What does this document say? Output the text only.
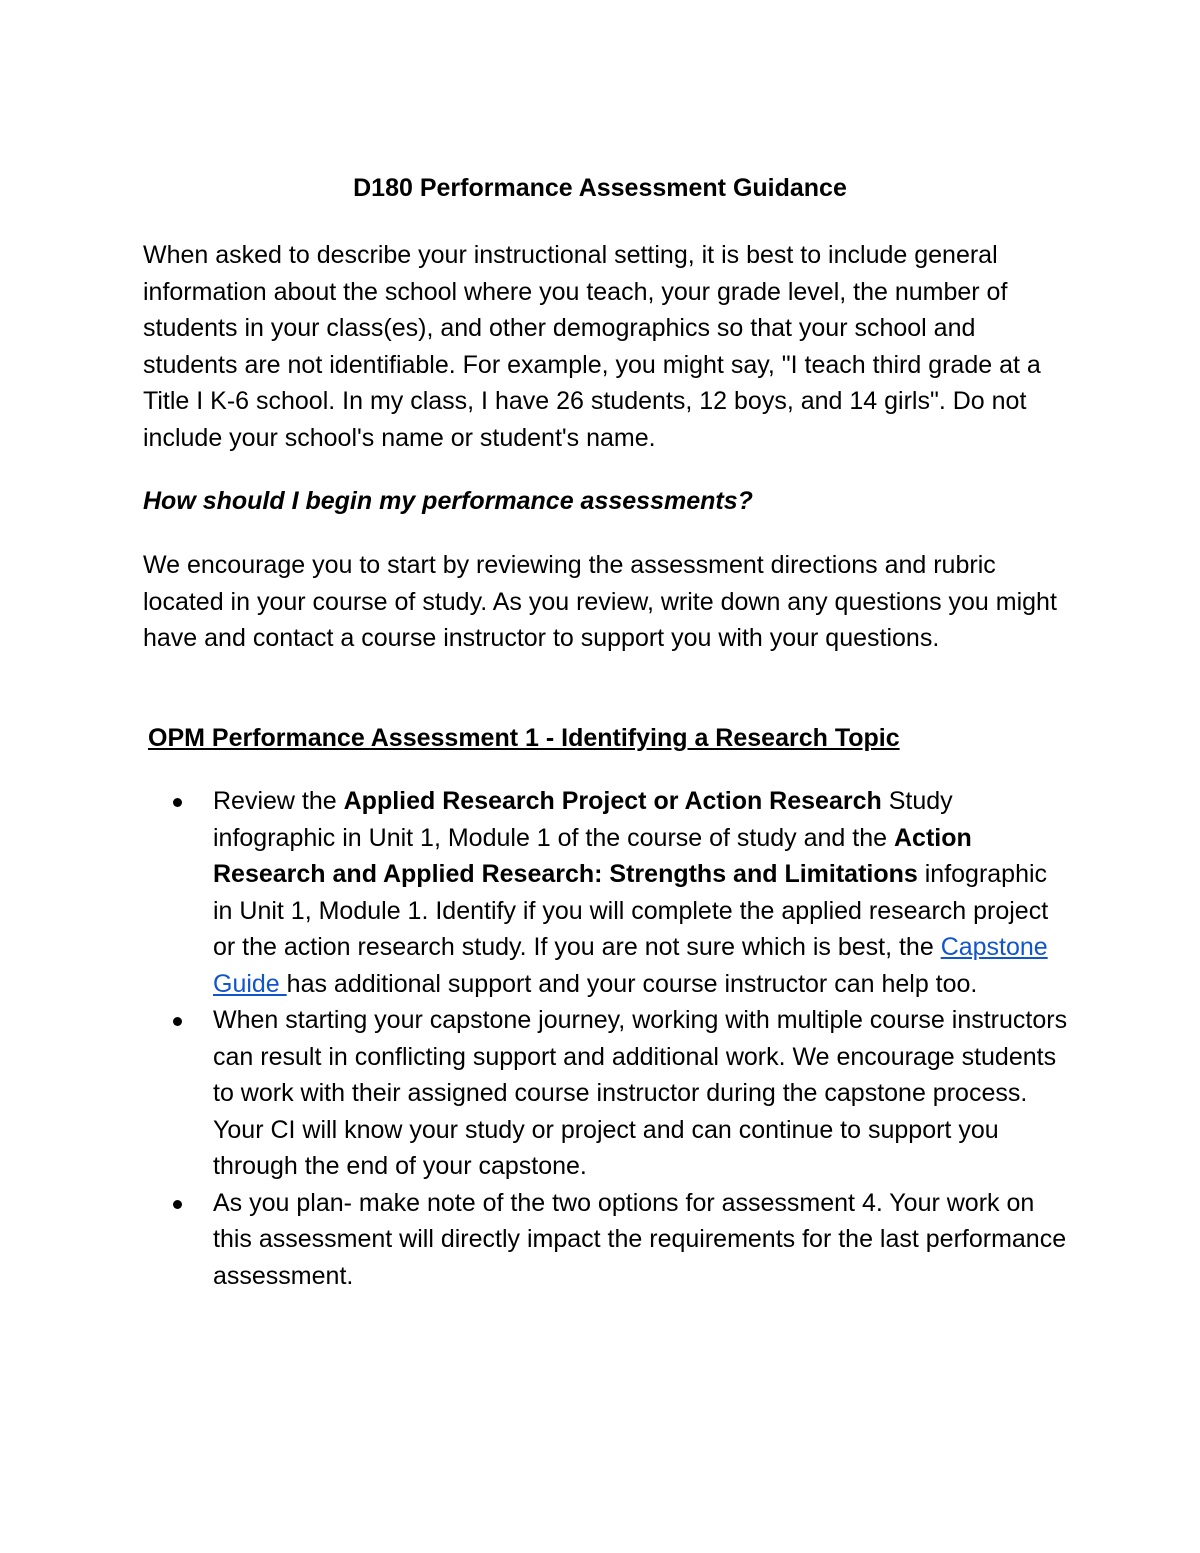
D180 Performance Assessment Guidance

When asked to describe your instructional setting, it is best to include general information about the school where you teach, your grade level, the number of students in your class(es), and other demographics so that your school and students are not identifiable. For example, you might say, "I teach third grade at a Title I K-6 school. In my class, I have 26 students, 12 boys, and 14 girls". Do not include your school's name or student's name.

How should I begin my performance assessments?

We encourage you to start by reviewing the assessment directions and rubric located in your course of study. As you review, write down any questions you might have and contact a course instructor to support you with your questions.

OPM Performance Assessment 1 - Identifying a Research Topic
Review the Applied Research Project or Action Research Study infographic in Unit 1, Module 1 of the course of study and the Action Research and Applied Research: Strengths and Limitations infographic in Unit 1, Module 1. Identify if you will complete the applied research project or the action research study. If you are not sure which is best, the Capstone Guide has additional support and your course instructor can help too.
When starting your capstone journey, working with multiple course instructors can result in conflicting support and additional work. We encourage students to work with their assigned course instructor during the capstone process. Your CI will know your study or project and can continue to support you through the end of your capstone.
As you plan- make note of the two options for assessment 4. Your work on this assessment will directly impact the requirements for the last performance assessment.
